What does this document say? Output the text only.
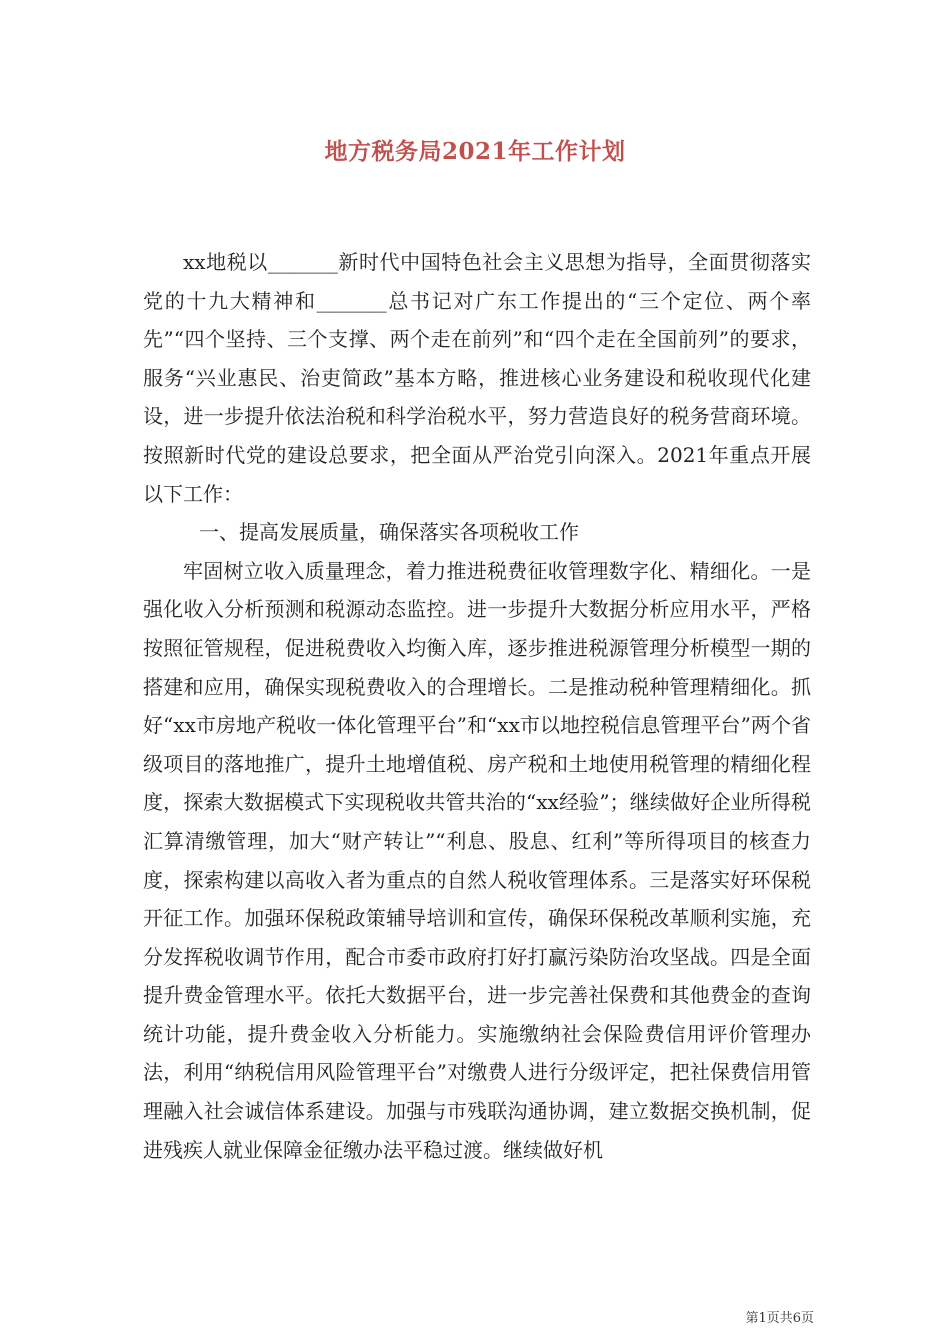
地方税务局2021年工作计划

xx地税以_______新时代中国特色社会主义思想为指导，全面贯彻落实党的十九大精神和_______总书记对广东工作提出的“三个定位、两个率先”“四个坚持、三个支撑、两个走在前列”和“四个走在全国前列”的要求，服务“兴业惠民、治吏简政”基本方略，推进核心业务建设和税收现代化建设，进一步提升依法治税和科学治税水平，努力营造良好的税务营商环境。按照新时代党的建设总要求，把全面从严治党引向深入。2021年重点开展以下工作：

一、提高发展质量，确保落实各项税收工作

牢固树立收入质量理念，着力推进税费征收管理数字化、精细化。一是强化收入分析预测和税源动态监控。进一步提升大数据分析应用水平，严格按照征管规程，促进税费收入均衡入库，逐步推进税源管理分析模型一期的搭建和应用，确保实现税费收入的合理增长。二是推动税种管理精细化。抓好“xx市房地产税收一体化管理平台”和“xx市以地控税信息管理平台”两个省级项目的落地推广，提升土地增值税、房产税和土地使用税管理的精细化程度，探索大数据模式下实现税收共管共治的“xx经验”；继续做好企业所得税汇算清缴管理，加大“财产转让”“利息、股息、红利”等所得项目的核查力度，探索构建以高收入者为重点的自然人税收管理体系。三是落实好环保税开征工作。加强环保税政策辅导培训和宣传，确保环保税改革顺利实施，充分发挥税收调节作用，配合市委市政府打好打赢污染防治攻坚战。四是全面提升费金管理水平。依托大数据平台，进一步完善社保费和其他费金的查询统计功能，提升费金收入分析能力。实施缴纳社会保险费信用评价管理办法，利用“纳税信用风险管理平台”对缴费人进行分级评定，把社保费信用管理融入社会诚信体系建设。加强与市残联沟通协调，建立数据交换机制，促进残疾人就业保障金征缴办法平稳过渡。继续做好机

第1页共6页
